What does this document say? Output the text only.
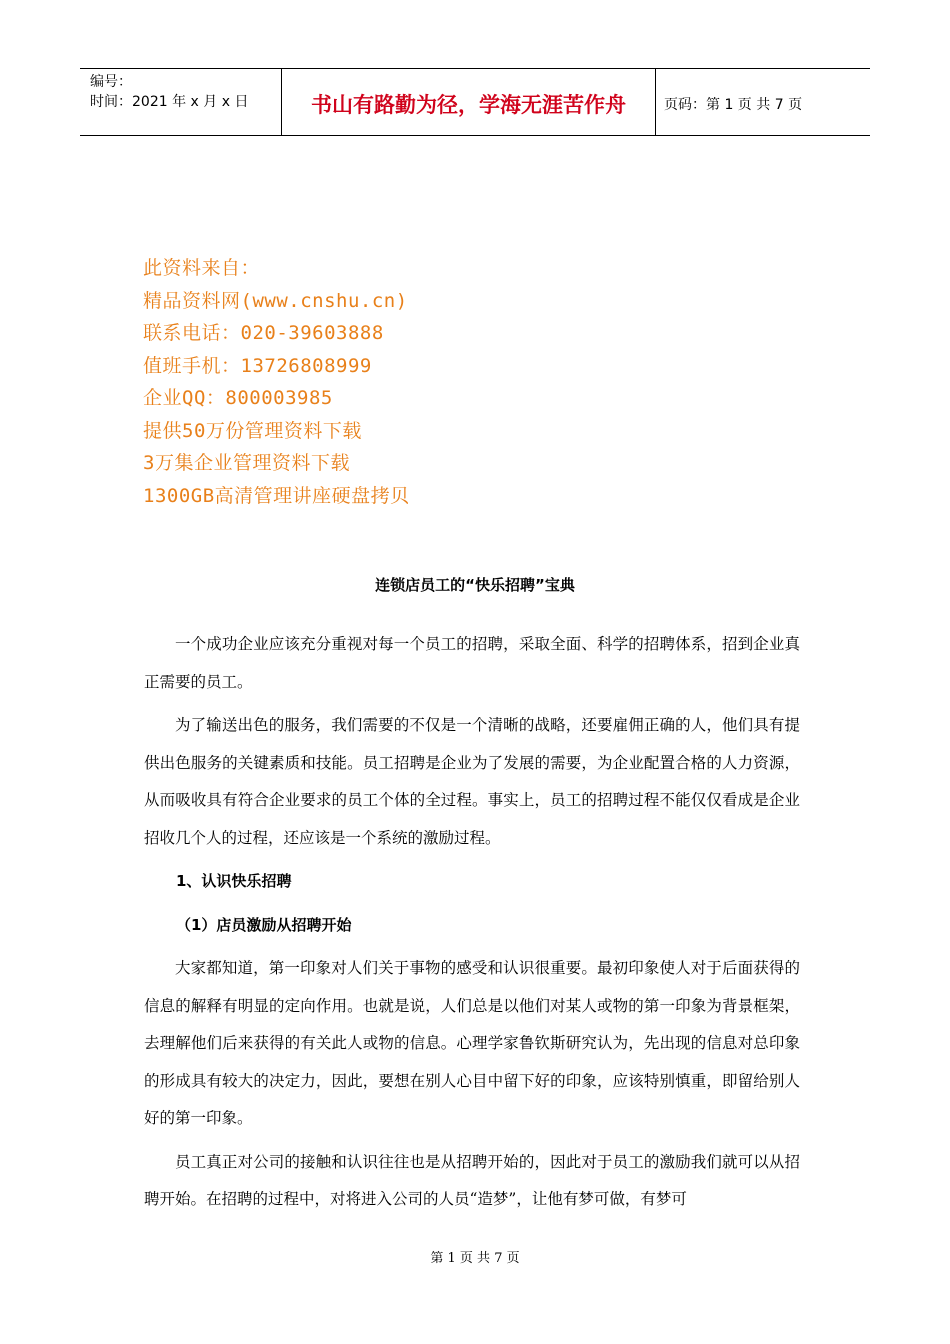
编号：
时间：2021 年 x 月 x 日	书山有路勤为径，学海无涯苦作舟	页码：第 1 页 共 7 页
此资料来自：
精品资料网(www.cnshu.cn)
联系电话：020-39603888
值班手机：13726808999
企业QQ：800003985
提供50万份管理资料下载
3万集企业管理资料下载
1300GB高清管理讲座硬盘拷贝
连锁店员工的“快乐招聘”宝典

一个成功企业应该充分重视对每一个员工的招聘，采取全面、科学的招聘体系，招到企业真正需要的员工。

为了输送出色的服务，我们需要的不仅是一个清晰的战略，还要雇佣正确的人，他们具有提供出色服务的关键素质和技能。员工招聘是企业为了发展的需要，为企业配置合格的人力资源，从而吸收具有符合企业要求的员工个体的全过程。事实上，员工的招聘过程不能仅仅看成是企业招收几个人的过程，还应该是一个系统的激励过程。

1、认识快乐招聘
（1）店员激励从招聘开始

大家都知道，第一印象对人们关于事物的感受和认识很重要。最初印象使人对于后面获得的信息的解释有明显的定向作用。也就是说，人们总是以他们对某人或物的第一印象为背景框架，去理解他们后来获得的有关此人或物的信息。心理学家鲁钦斯研究认为，先出现的信息对总印象的形成具有较大的决定力，因此，要想在别人心目中留下好的印象，应该特别慎重，即留给别人好的第一印象。

员工真正对公司的接触和认识往往也是从招聘开始的，因此对于员工的激励我们就可以从招聘开始。在招聘的过程中，对将进入公司的人员“造梦”，让他有梦可做，有梦可

第 1 页 共 7 页
